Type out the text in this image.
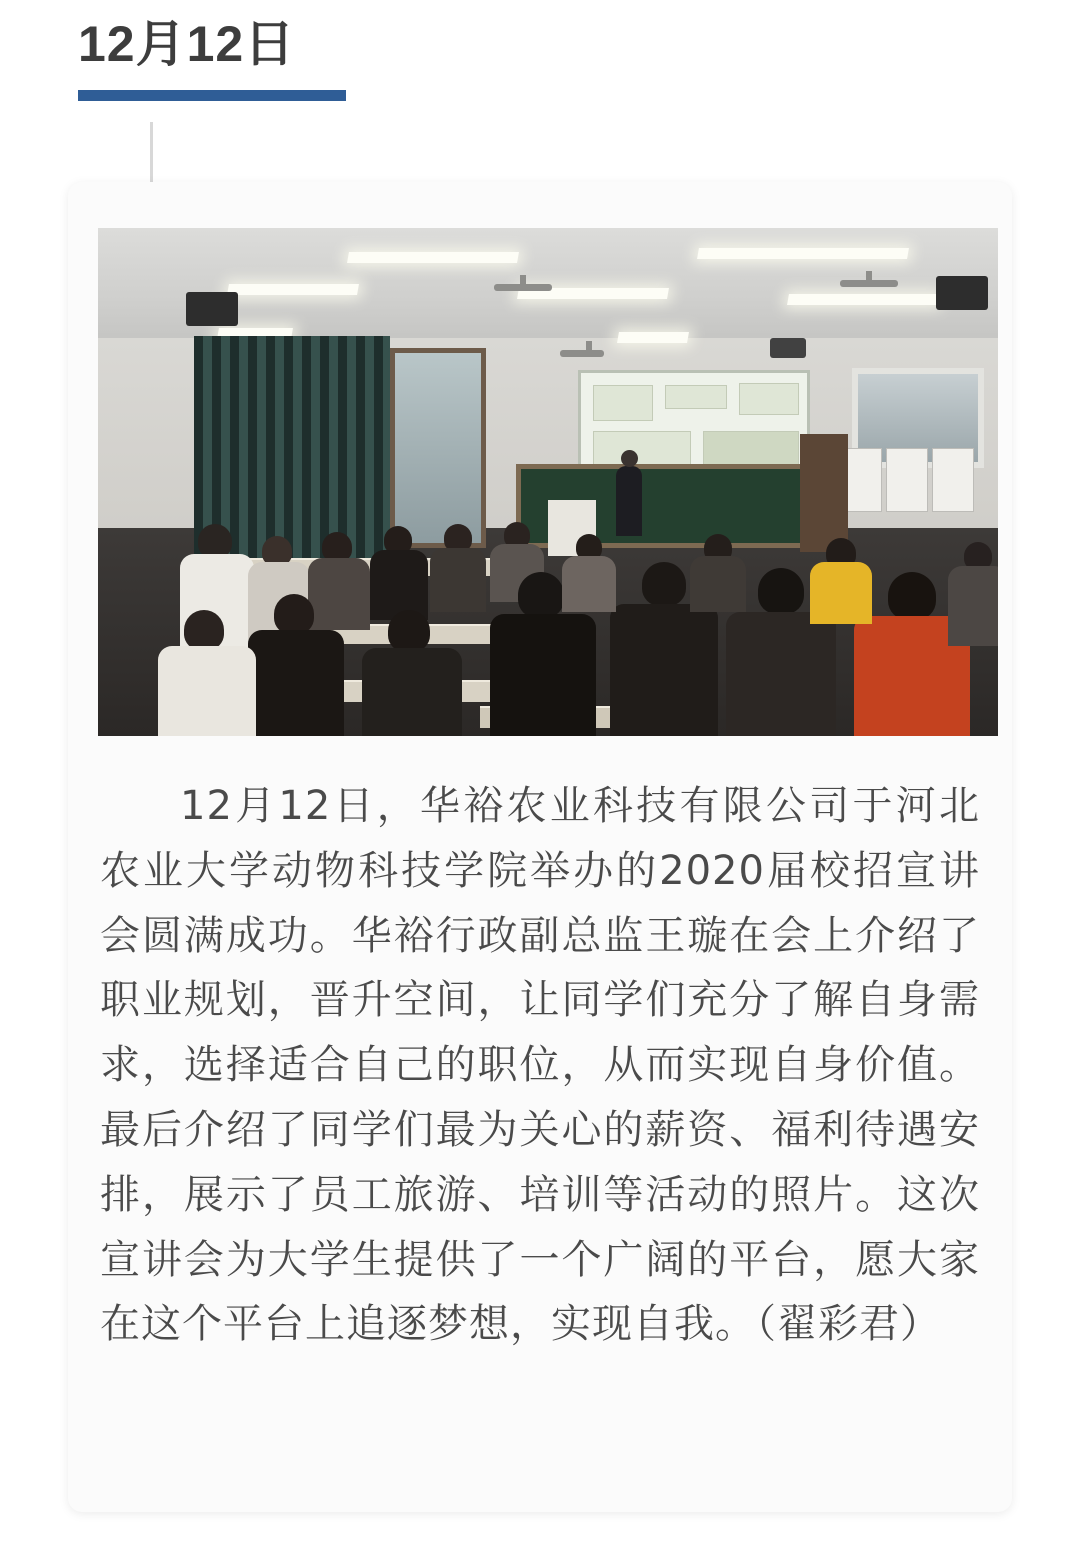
12月12日
12月12日，华裕农业科技有限公司于河北农业大学动物科技学院举办的2020届校招宣讲会圆满成功。华裕行政副总监王璇在会上介绍了职业规划，晋升空间，让同学们充分了解自身需求，选择适合自己的职位，从而实现自身价值。最后介绍了同学们最为关心的薪资、福利待遇安排，展示了员工旅游、培训等活动的照片。这次宣讲会为大学生提供了一个广阔的平台，愿大家在这个平台上追逐梦想，实现自我。（翟彩君）
